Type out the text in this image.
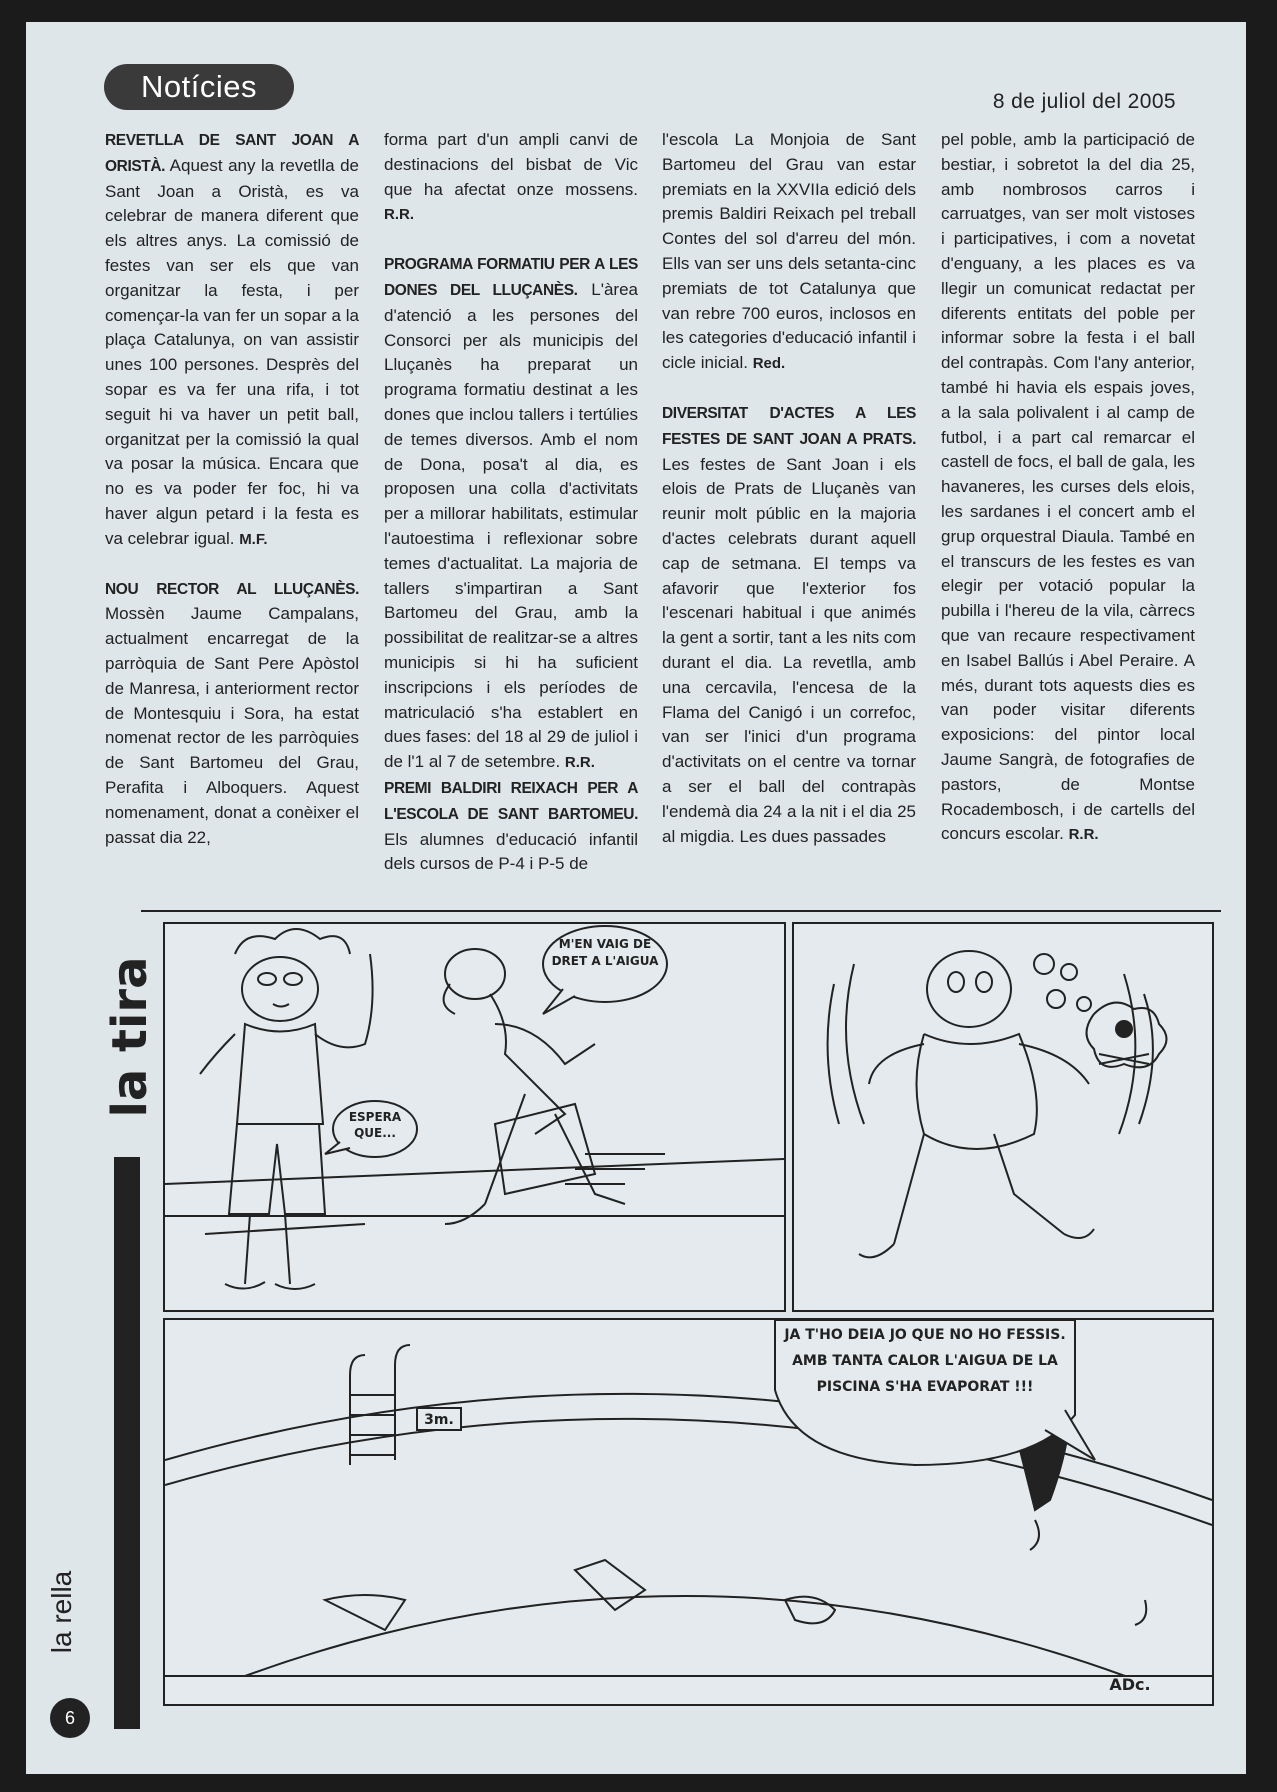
Notícies	8 de juliol del 2005

REVETLLA DE SANT JOAN A ORISTÀ. Aquest any la revetlla de Sant Joan a Oristà, es va celebrar de manera diferent que els altres anys. La comissió de festes van ser els que van organitzar la festa, i per començar-la van fer un sopar a la plaça Catalunya, on van assistir unes 100 persones. Desprès del sopar es va fer una rifa, i tot seguit hi va haver un petit ball, organitzat per la comissió la qual va posar la música. Encara que no es va poder fer foc, hi va haver algun petard i la festa es va celebrar igual. M.F.

NOU RECTOR AL LLUÇANÈS. Mossèn Jaume Campalans, actualment encarregat de la parròquia de Sant Pere Apòstol de Manresa, i anteriorment rector de Montesquiu i Sora, ha estat nomenat rector de les parròquies de Sant Bartomeu del Grau, Perafita i Alboquers. Aquest nomenament, donat a conèixer el passat dia 22,

forma part d'un ampli canvi de destinacions del bisbat de Vic que ha afectat onze mossens. R.R.

PROGRAMA FORMATIU PER A LES DONES DEL LLUÇANÈS. L'àrea d'atenció a les persones del Consorci per als municipis del Lluçanès ha preparat un programa formatiu destinat a les dones que inclou tallers i tertúlies de temes diversos. Amb el nom de Dona, posa't al dia, es proposen una colla d'activitats per a millorar habilitats, estimular l'autoestima i reflexionar sobre temes d'actualitat. La majoria de tallers s'impartiran a Sant Bartomeu del Grau, amb la possibilitat de realitzar-se a altres municipis si hi ha suficient inscripcions i els períodes de matriculació s'ha establert en dues fases: del 18 al 29 de juliol i de l'1 al 7 de setembre. R.R.

PREMI BALDIRI REIXACH PER A L'ESCOLA DE SANT BARTOMEU. Els alumnes d'educació infantil dels cursos de P-4 i P-5 de

l'escola La Monjoia de Sant Bartomeu del Grau van estar premiats en la XXVIIa edició dels premis Baldiri Reixach pel treball Contes del sol d'arreu del món. Ells van ser uns dels setanta-cinc premiats de tot Catalunya que van rebre 700 euros, inclosos en les categories d'educació infantil i cicle inicial. Red.

DIVERSITAT D'ACTES A LES FESTES DE SANT JOAN A PRATS. Les festes de Sant Joan i els elois de Prats de Lluçanès van reunir molt públic en la majoria d'actes celebrats durant aquell cap de setmana. El temps va afavorir que l'exterior fos l'escenari habitual i que animés la gent a sortir, tant a les nits com durant el dia. La revetlla, amb una cercavila, l'encesa de la Flama del Canigó i un correfoc, van ser l'inici d'un programa d'activitats on el centre va tornar a ser el ball del contrapàs l'endemà dia 24 a la nit i el dia 25 al migdia. Les dues passades

pel poble, amb la participació de bestiar, i sobretot la del dia 25, amb nombrosos carros i carruatges, van ser molt vistoses i participatives, i com a novetat d'enguany, a les places es va llegir un comunicat redactat per diferents entitats del poble per informar sobre la festa i el ball del contrapàs. Com l'any anterior, també hi havia els espais joves, a la sala polivalent i al camp de futbol, i a part cal remarcar el castell de focs, el ball de gala, les havaneres, les curses dels elois, les sardanes i el concert amb el grup orquestral Diaula. També en el transcurs de les festes es van elegir per votació popular la pubilla i l'hereu de la vila, càrrecs que van recaure respectivament en Isabel Ballús i Abel Peraire. A més, durant tots aquests dies es van poder visitar diferents exposicions: del pintor local Jaume Sangrà, de fotografies de pastors, de Montse Rocadembosch, i de cartells del concurs escolar. R.R.

la tira	ESPERA QUE...
M'EN VAIG DE DRET A L'AIGUA
3m.
JA T'HO DEIA JO QUE NO HO FESSIS. AMB TANTA CALOR L'AIGUA DE LA PISCINA S'HA EVAPORAT !!!
ADc.
la rella
6
